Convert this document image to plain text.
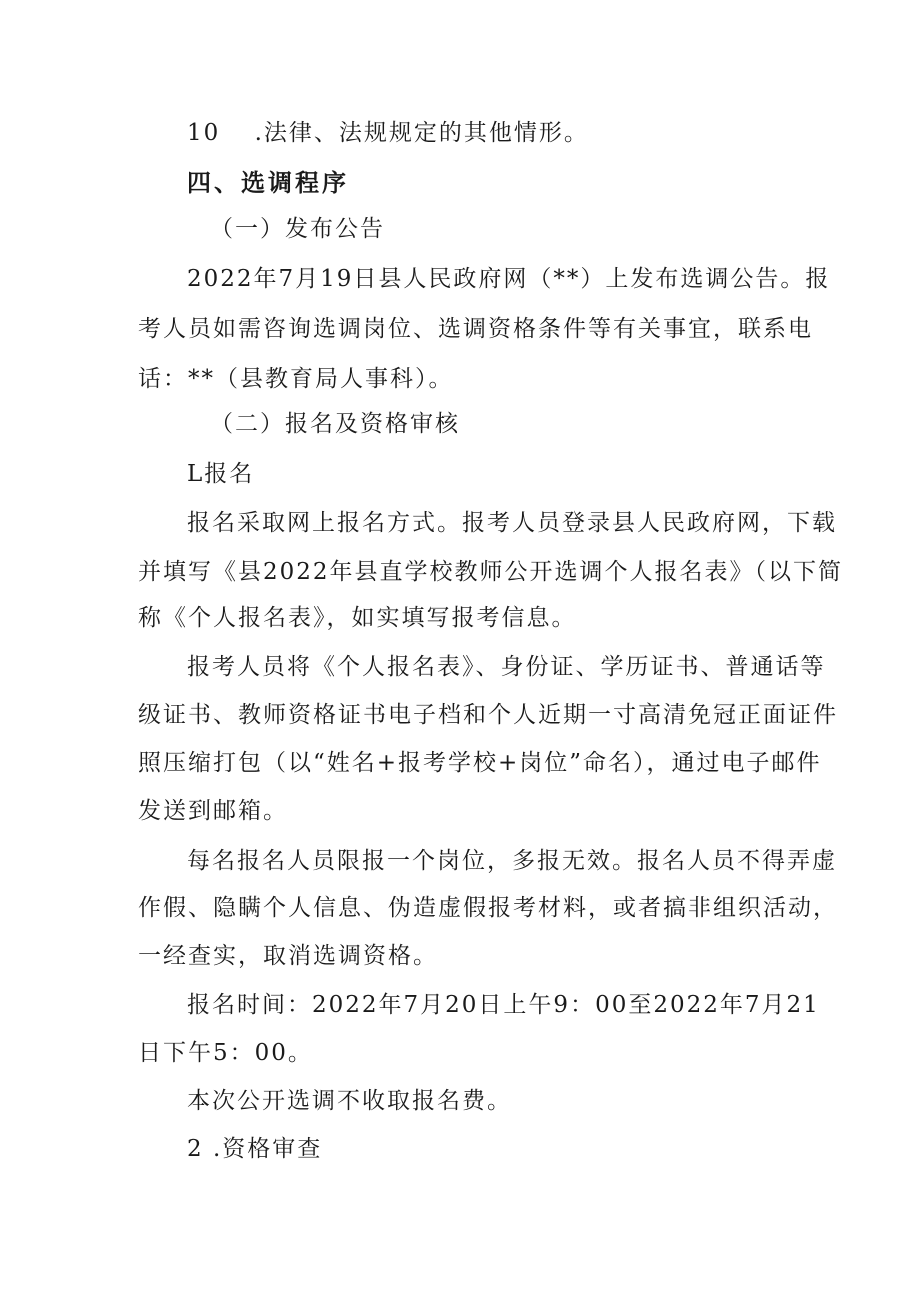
10　 .法律、法规规定的其他情形。
四、选调程序
（一）发布公告
2022年7月19日县人民政府网（**）上发布选调公告。报
考人员如需咨询选调岗位、选调资格条件等有关事宜，联系电
话：**（县教育局人事科）。
（二）报名及资格审核
L报名
报名采取网上报名方式。报考人员登录县人民政府网，下载
并填写《县2022年县直学校教师公开选调个人报名表》（以下简
称《个人报名表》，如实填写报考信息。
报考人员将《个人报名表》、身份证、学历证书、普通话等
级证书、教师资格证书电子档和个人近期一寸高清免冠正面证件
照压缩打包（以“姓名+报考学校+岗位”命名），通过电子邮件
发送到邮箱。
每名报名人员限报一个岗位，多报无效。报名人员不得弄虚
作假、隐瞒个人信息、伪造虚假报考材料，或者搞非组织活动，
一经查实，取消选调资格。
报名时间：2022年7月20日上午9：00至2022年7月21
日下午5：00。
本次公开选调不收取报名费。
2 .资格审查
